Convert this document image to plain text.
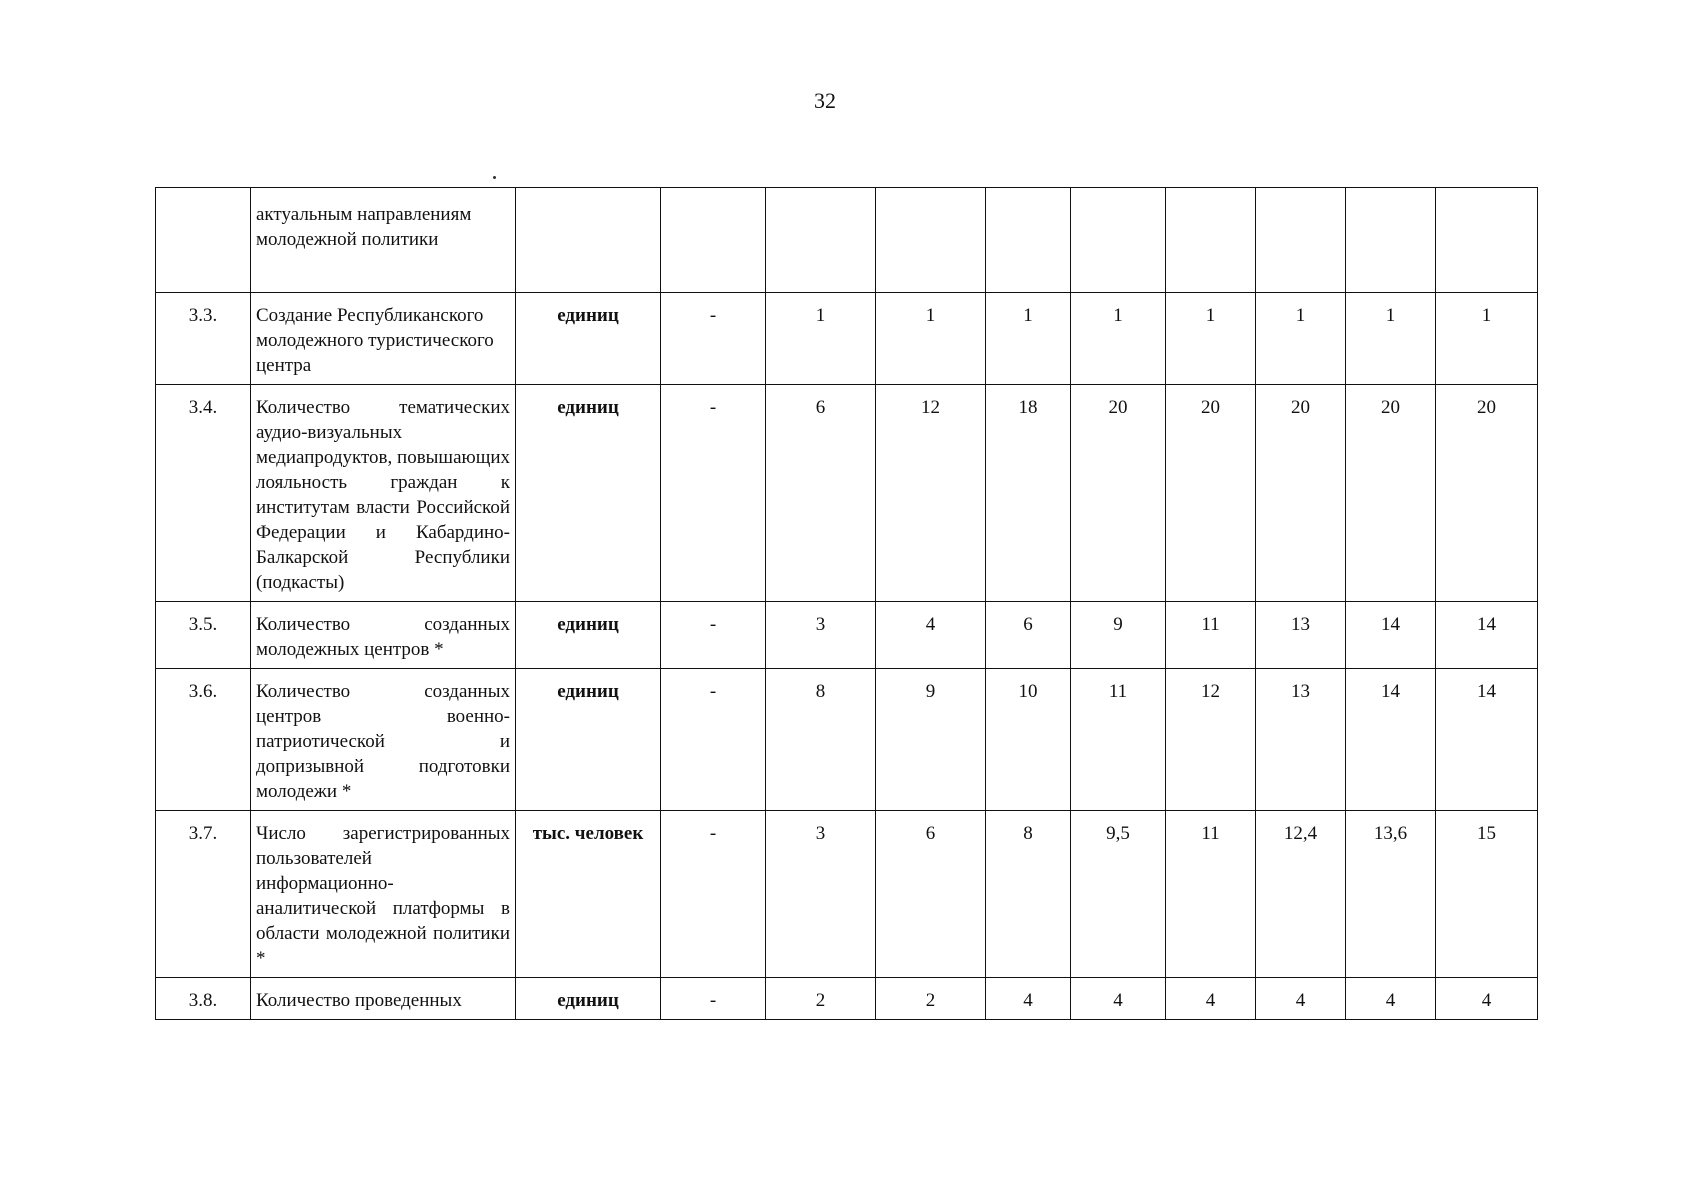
32
	актуальным направлениям молодежной политики										
3.3.	Создание Республиканского молодежного туристического центра	единиц	-	1	1	1	1	1	1	1	1
3.4.	Количество тематических аудио-визуальных медиапродуктов, повышающих лояльность граждан к институтам власти Российской Федерации и Кабардино-Балкарской Республики (подкасты)	единиц	-	6	12	18	20	20	20	20	20
3.5.	Количество созданных молодежных центров *	единиц	-	3	4	6	9	11	13	14	14
3.6.	Количество созданных центров военно-патриотической и допризывной подготовки молодежи *	единиц	-	8	9	10	11	12	13	14	14
3.7.	Число зарегистрированных пользователей информационно-аналитической платформы в области молодежной политики *	тыс. человек	-	3	6	8	9,5	11	12,4	13,6	15
3.8.	Количество проведенных	единиц	-	2	2	4	4	4	4	4	4
